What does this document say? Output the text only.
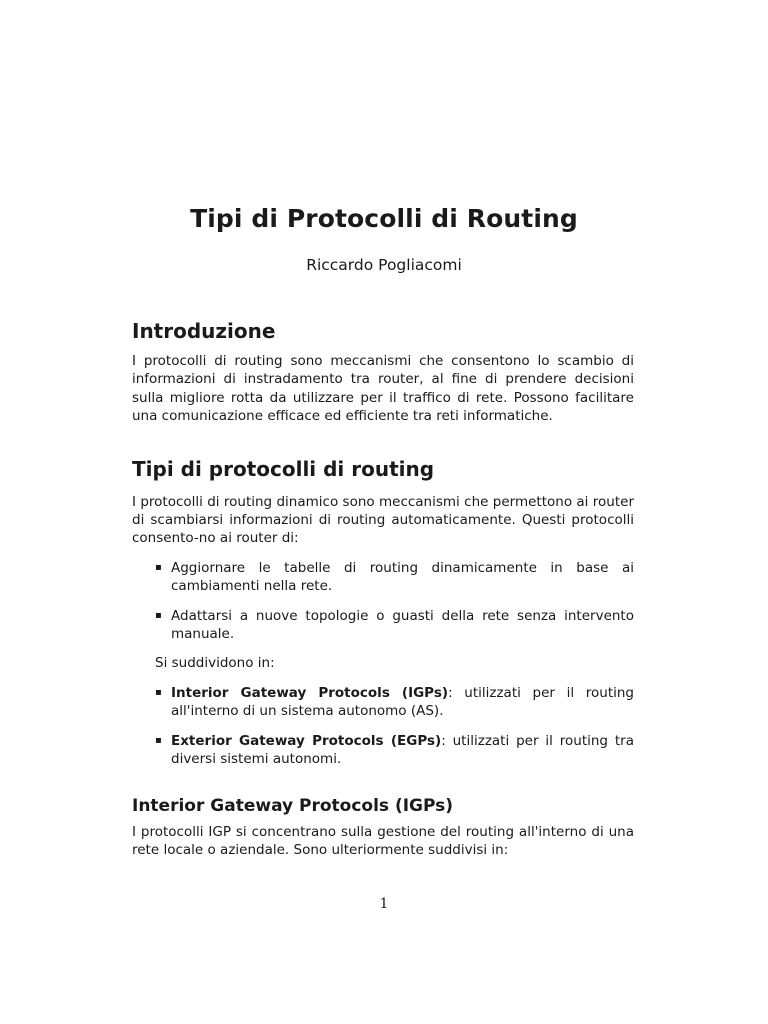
Tipi di Protocolli di Routing
Riccardo Pogliacomi
Introduzione

I protocolli di routing sono meccanismi che consentono lo scambio di informazioni di instradamento tra router, al fine di prendere decisioni sulla migliore rotta da utilizzare per il traffico di rete. Possono facilitare una comunicazione efficace ed efficiente tra reti informatiche.

Tipi di protocolli di routing

I protocolli di routing dinamico sono meccanismi che permettono ai router di scambiarsi informazioni di routing automaticamente. Questi protocolli consento-no ai router di:

▪ Aggiornare le tabelle di routing dinamicamente in base ai cambiamenti nella rete.
▪ Adattarsi a nuove topologie o guasti della rete senza intervento manuale.

Si suddividono in:

▪ Interior Gateway Protocols (IGPs): utilizzati per il routing all'interno di un sistema autonomo (AS).
▪ Exterior Gateway Protocols (EGPs): utilizzati per il routing tra diversi sistemi autonomi.
Interior Gateway Protocols (IGPs)

I protocolli IGP si concentrano sulla gestione del routing all'interno di una rete locale o aziendale. Sono ulteriormente suddivisi in:

1
